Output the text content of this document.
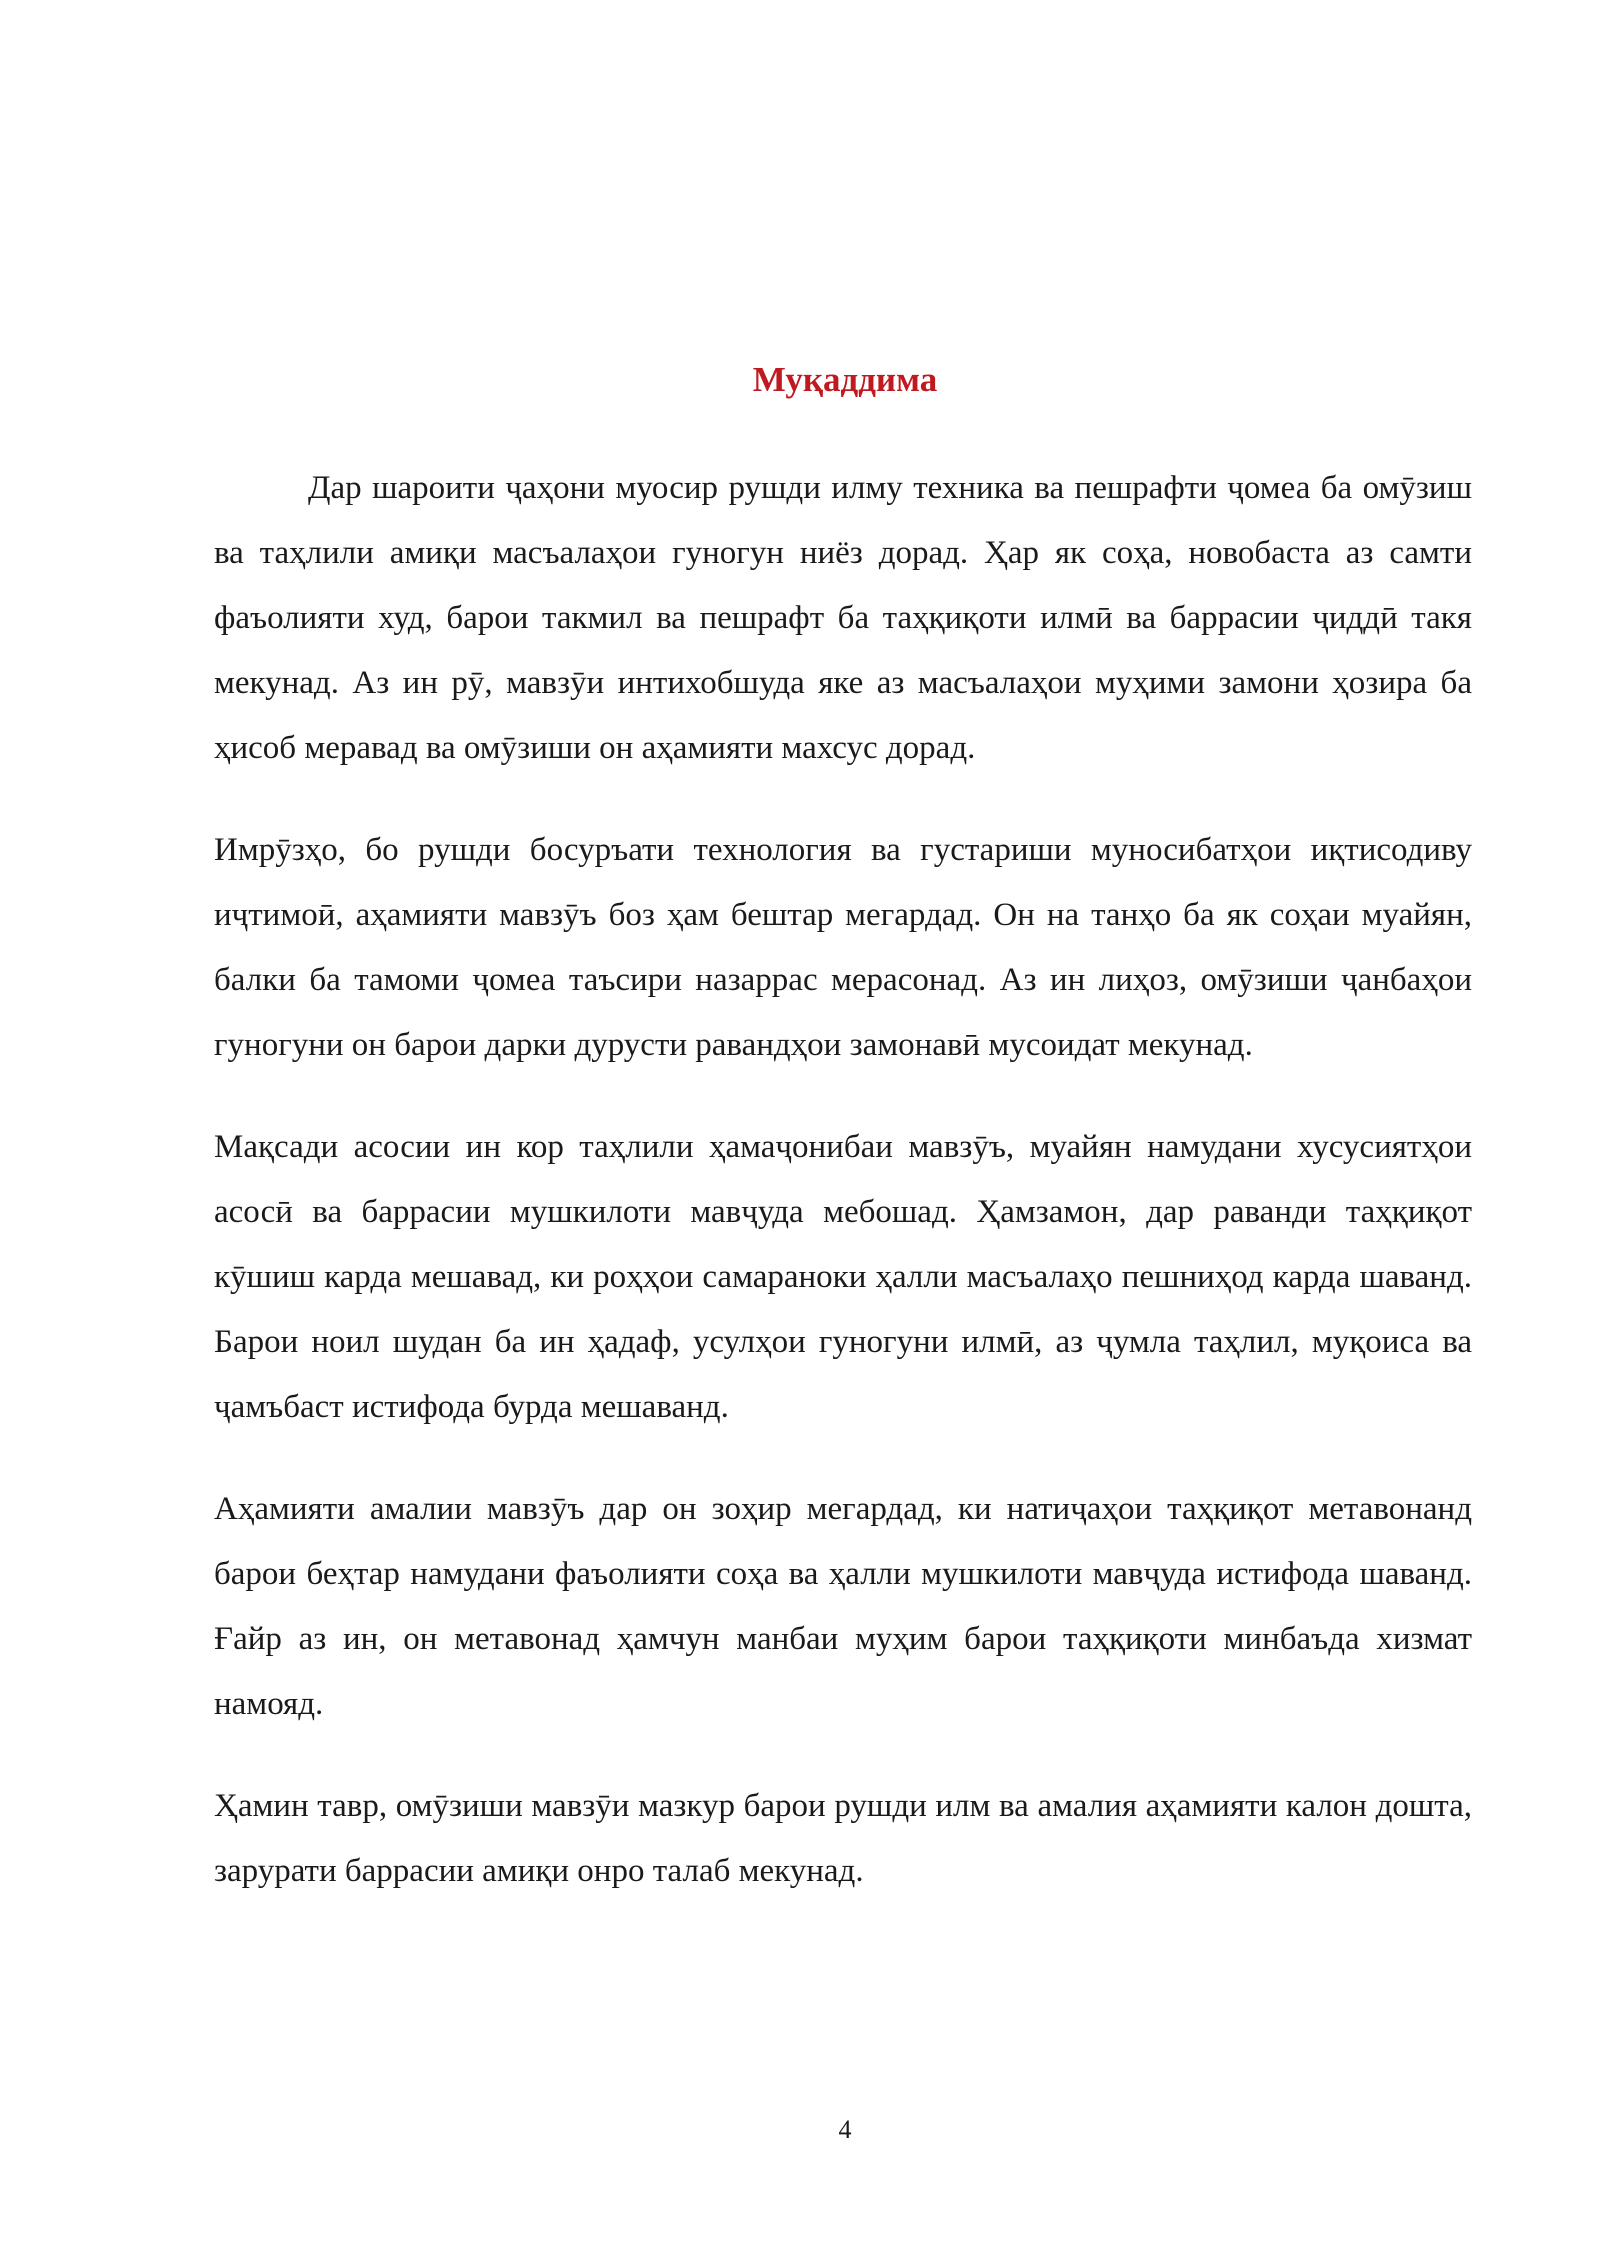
Муқаддима

Дар шароити ҷаҳони муосир рушди илму техника ва пешрафти ҷомеа ба омӯзиш ва таҳлили амиқи масъалаҳои гуногун ниёз дорад. Ҳар як соҳа, новобаста аз самти фаъолияти худ, барои такмил ва пешрафт ба таҳқиқоти илмӣ ва баррасии ҷиддӣ такя мекунад. Аз ин рӯ, мавзӯи интихобшуда яке аз масъалаҳои муҳими замони ҳозира ба ҳисоб меравад ва омӯзиши он аҳамияти махсус дорад.

Имрӯзҳо, бо рушди босуръати технология ва густариши муносибатҳои иқтисодиву иҷтимоӣ, аҳамияти мавзӯъ боз ҳам бештар мегардад. Он на танҳо ба як соҳаи муайян, балки ба тамоми ҷомеа таъсири назаррас мерасонад. Аз ин лиҳоз, омӯзиши ҷанбаҳои гуногуни он барои дарки дурусти равандҳои замонавӣ мусоидат мекунад.

Мақсади асосии ин кор таҳлили ҳамаҷонибаи мавзӯъ, муайян намудани хусусиятҳои асосӣ ва баррасии мушкилоти мавҷуда мебошад. Ҳамзамон, дар раванди таҳқиқот кӯшиш карда мешавад, ки роҳҳои самараноки ҳалли масъалаҳо пешниҳод карда шаванд. Барои ноил шудан ба ин ҳадаф, усулҳои гуногуни илмӣ, аз ҷумла таҳлил, муқоиса ва ҷамъбаст истифода бурда мешаванд.

Аҳамияти амалии мавзӯъ дар он зоҳир мегардад, ки натиҷаҳои таҳқиқот метавонанд барои беҳтар намудани фаъолияти соҳа ва ҳалли мушкилоти мавҷуда истифода шаванд. Ғайр аз ин, он метавонад ҳамчун манбаи муҳим барои таҳқиқоти минбаъда хизмат намояд.

Ҳамин тавр, омӯзиши мавзӯи мазкур барои рушди илм ва амалия аҳамияти калон дошта, зарурати баррасии амиқи онро талаб мекунад.

4
